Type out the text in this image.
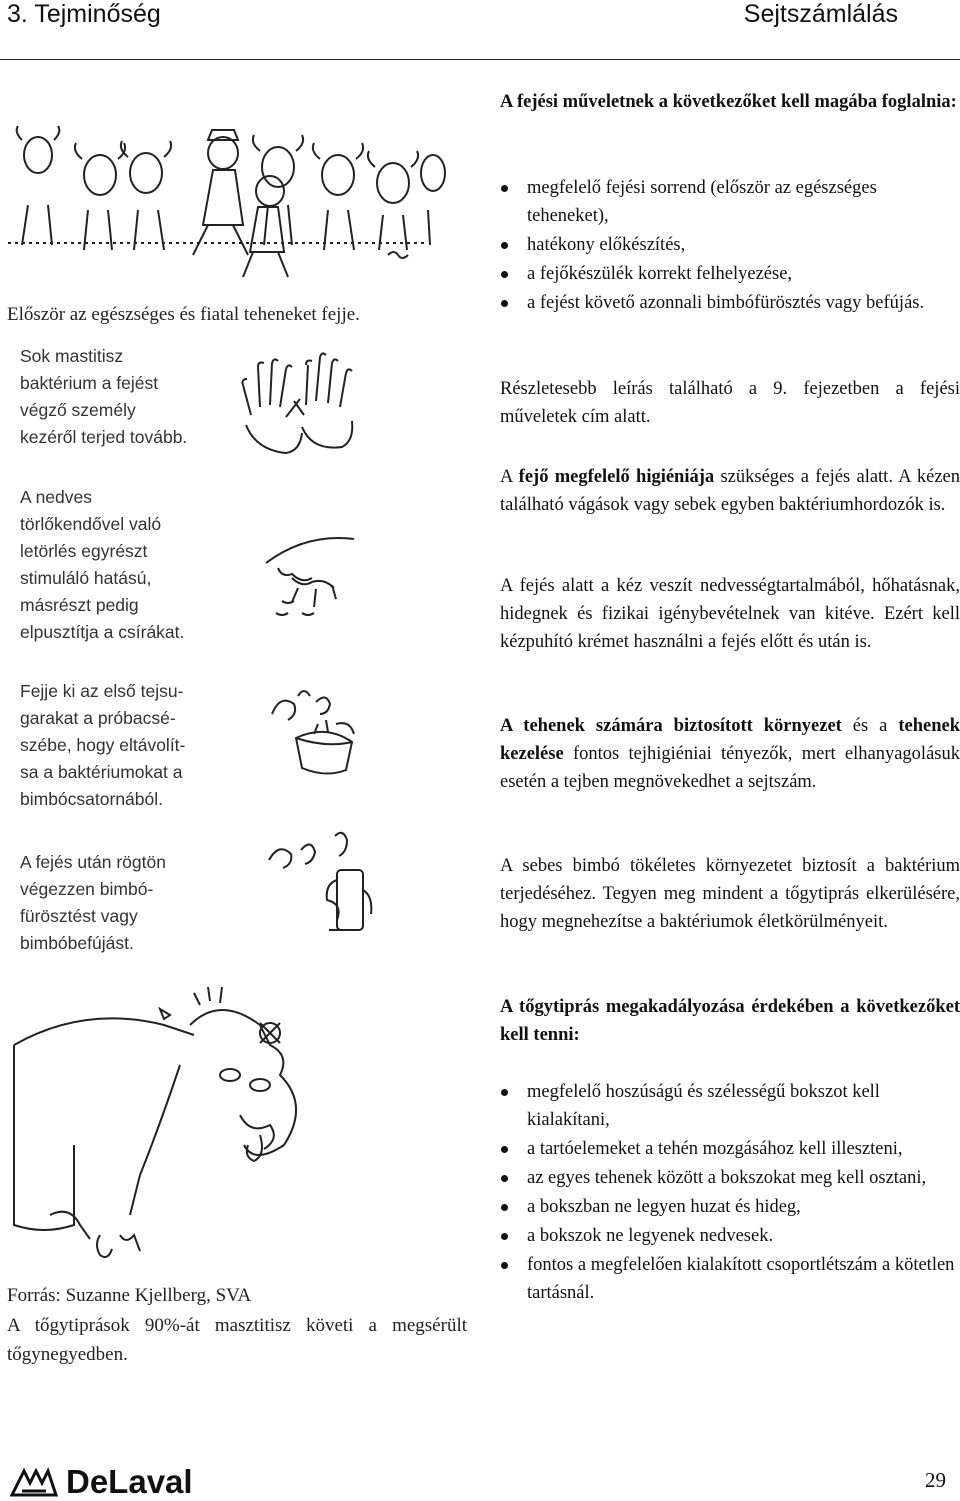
3. Tejminőség	Sejtszámlálás
Először az egészséges és fiatal teheneket fejje.
Sok mastitisz
baktérium a fejést
végző személy
kezéről terjed tovább.
A nedves
törlőkendővel való
letörlés egyrészt
stimuláló hatású,
másrészt pedig
elpusztítja a csírákat.
Fejje ki az első tejsu-
garakat a próbacsé-
szébe, hogy eltávolít-
sa a baktériumokat a
bimbócsatornából.
A fejés után rögtön
végezzen bimbó-
fürösztést vagy
bimbóbefújást.
Forrás: Suzanne Kjellberg, SVA
A tőgytiprások 90%-át masztitisz követi a megsérült tőgynegyedben.
A fejési műveletnek a következőket kell magába foglalnia:
megfelelő fejési sorrend (először az egészséges teheneket),
hatékony előkészítés,
a fejőkészülék korrekt felhelyezése,
a fejést követő azonnali bimbófürösztés vagy befújás.
Részletesebb leírás található a 9. fejezetben a fejési műveletek cím alatt.
A fejő megfelelő higiéniája szükséges a fejés alatt. A kézen található vágások vagy sebek egyben baktériumhordozók is.
A fejés alatt a kéz veszít nedvességtartalmából, hőhatásnak, hidegnek és fizikai igénybevételnek van kitéve. Ezért kell kézpuhító krémet használni a fejés előtt és után is.
A tehenek számára biztosított környezet és a tehenek kezelése fontos tejhigiéniai tényezők, mert elhanyagolásuk esetén a tejben megnövekedhet a sejtszám.
A sebes bimbó tökéletes környezetet biztosít a baktérium terjedéséhez. Tegyen meg mindent a tőgytiprás elkerülésére, hogy megnehezítse a baktériumok életkörülményeit.
A tőgytiprás megakadályozása érdekében a következőket kell tenni:
megfelelő hoszúságú és szélességű bokszot kell kialakítani,
a tartóelemeket a tehén mozgásához kell illeszteni,
az egyes tehenek között a bokszokat meg kell osztani,
a bokszban ne legyen huzat és hideg,
a bokszok ne legyenek nedvesek.
fontos a megfelelően kialakított csoportlétszám a kötetlen tartásnál.
DeLaval	29
